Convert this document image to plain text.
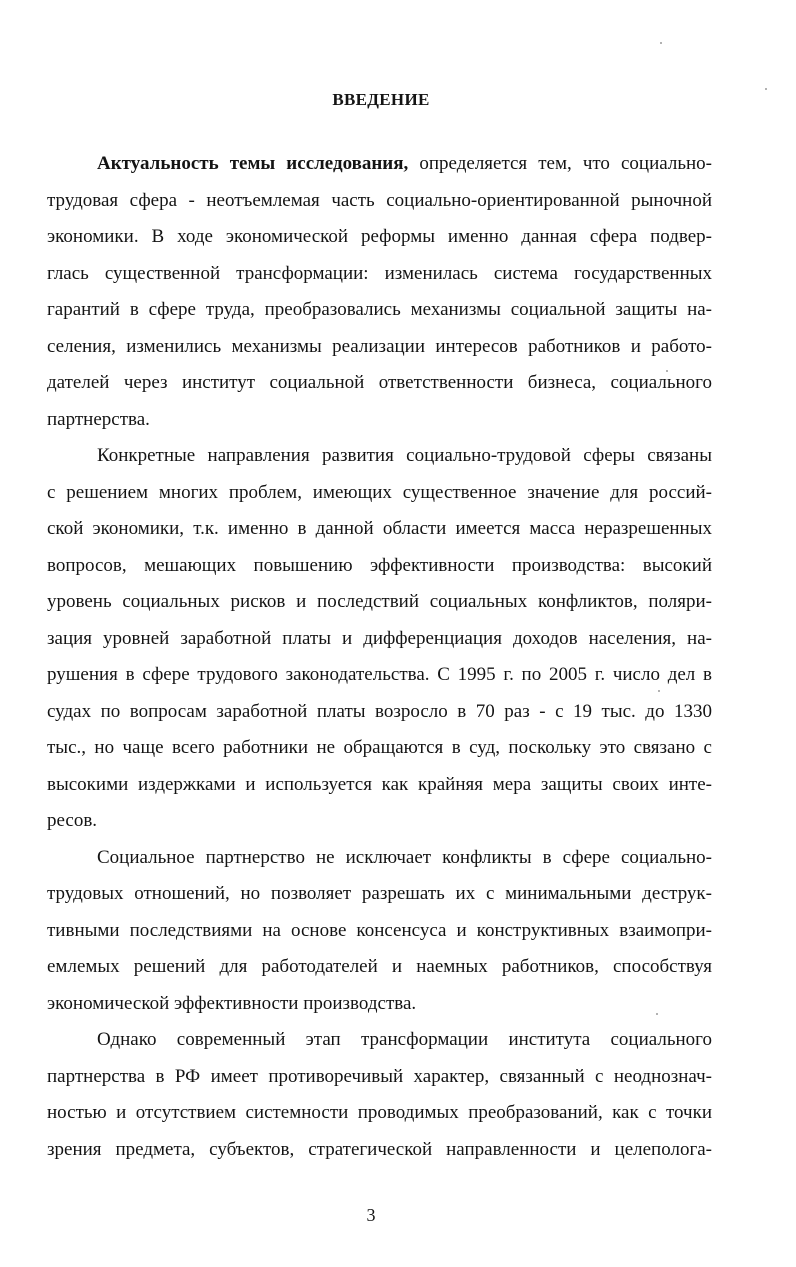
ВВЕДЕНИЕ
Актуальность темы исследования, определяется тем, что социально-
трудовая сфера - неотъемлемая часть социально-ориентированной рыночной
экономики. В ходе экономической реформы именно данная сфера подвер-
глась существенной трансформации: изменилась система государственных
гарантий в сфере труда, преобразовались механизмы социальной защиты на-
селения, изменились механизмы реализации интересов работников и работо-
дателей через институт социальной ответственности бизнеса, социального
партнерства.
Конкретные направления развития социально-трудовой сферы связаны
с решением многих проблем, имеющих существенное значение для россий-
ской экономики, т.к. именно в данной области имеется масса неразрешенных
вопросов, мешающих повышению эффективности производства: высокий
уровень социальных рисков и последствий социальных конфликтов, поляри-
зация уровней заработной платы и дифференциация доходов населения, на-
рушения в сфере трудового законодательства. С 1995 г. по 2005 г. число дел в
судах по вопросам заработной платы возросло в 70 раз - с 19 тыс. до 1330
тыс., но чаще всего работники не обращаются в суд, поскольку это связано с
высокими издержками и используется как крайняя мера защиты своих инте-
ресов.
Социальное партнерство не исключает конфликты в сфере социально-
трудовых отношений, но позволяет разрешать их с минимальными деструк-
тивными последствиями на основе консенсуса и конструктивных взаимопри-
емлемых решений для работодателей и наемных работников, способствуя
экономической эффективности производства.
Однако современный этап трансформации института социального
партнерства в РФ имеет противоречивый характер, связанный с неоднознач-
ностью и отсутствием системности проводимых преобразований, как с точки
зрения предмета, субъектов, стратегической направленности и целеполога-
3
